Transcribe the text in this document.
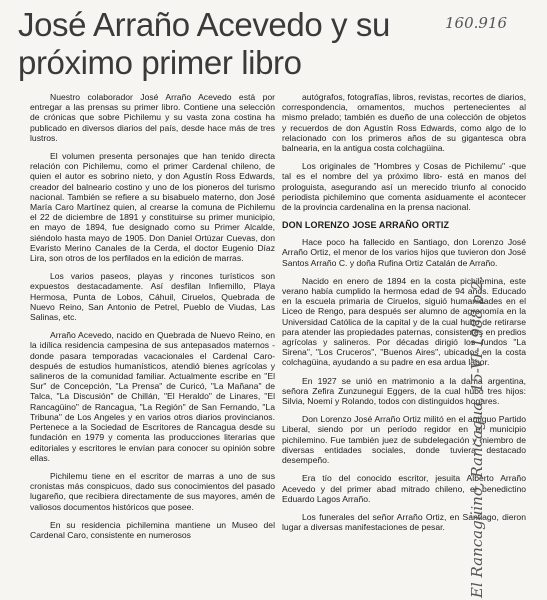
José Arraño Acevedo y su próximo primer libro
160.916

Nuestro colaborador José Arraño Acevedo está por entregar a las prensas su primer libro. Contiene una selección de crónicas que sobre Pichilemu y su vasta zona costina ha publicado en diversos diarios del país, desde hace más de tres lustros.

El volumen presenta personajes que han tenido directa relación con Pichilemu, como el primer Cardenal chileno, de quien el autor es sobrino nieto, y don Agustín Ross Edwards, creador del balneario costino y uno de los pioneros del turismo nacional. También se refiere a su bisabuelo materno, don José María Caro Martínez quien, al crearse la comuna de Pichilemu el 22 de diciembre de 1891 y constituirse su primer municipio, en mayo de 1894, fue designado como su Primer Alcalde, siéndolo hasta mayo de 1905. Don Daniel Ortúzar Cuevas, don Evaristo Merino Canales de la Cerda, el doctor Eugenio Díaz Lira, son otros de los perfilados en la edición de marras.

Los varios paseos, playas y rincones turísticos son expuestos destacadamente. Así desfilan Infiernillo, Playa Hermosa, Punta de Lobos, Cáhuil, Ciruelos, Quebrada de Nuevo Reino, San Antonio de Petrel, Pueblo de Viudas, Las Salinas, etc.

Arraño Acevedo, nacido en Quebrada de Nuevo Reino, en la idílica residencia campesina de sus antepasados maternos -donde pasara temporadas vacacionales el Cardenal Caro- después de estudios humanísticos, atendió bienes agrícolas y salineros de la comunidad familiar. Actualmente escribe en "El Sur" de Concepción, "La Prensa" de Curicó, "La Mañana" de Talca, "La Discusión" de Chillán, "El Heraldo" de Linares, "El Rancagüino" de Rancagua, "La Región" de San Fernando, "La Tribuna" de Los Angeles y en varios otros diarios provincianos. Pertenece a la Sociedad de Escritores de Rancagua desde su fundación en 1979 y comenta las producciones literarias que editoriales y escritores le envían para conocer su opinión sobre ellas.

Pichilemu tiene en el escritor de marras a uno de sus cronistas más conspicuos, dado sus conocimientos del pasado lugareño, que recibiera directamente de sus mayores, amén de valiosos documentos históricos que posee.

En su residencia pichilemina mantiene un Museo del Cardenal Caro, consistente en numerosos

autógrafos, fotografías, libros, revistas, recortes de diarios, correspondencia, ornamentos, muchos pertenecientes al mismo prelado; también es dueño de una colección de objetos y recuerdos de don Agustín Ross Edwards, como algo de lo relacionado con los primeros años de su gigantesca obra balnearia, en la antigua costa colchagüina.

Los originales de "Hombres y Cosas de Pichilemu" -que tal es el nombre del ya próximo libro- está en manos del prologuista, asegurando así un merecido triunfo al conocido periodista pichilemino que comenta asiduamente el acontecer de la provincia cardenalina en la prensa nacional.

DON LORENZO JOSE ARRAÑO ORTIZ

Hace poco ha fallecido en Santiago, don Lorenzo José Arraño Ortiz, el menor de los varios hijos que tuvieron don José Santos Arraño C. y doña Rufina Ortiz Catalán de Arraño.

Nacido en enero de 1894 en la costa pichilemina, este verano había cumplido la hermosa edad de 94 años. Educado en la escuela primaria de Ciruelos, siguió humanidades en el Liceo de Rengo, para después ser alumno de agronomía en la Universidad Católica de la capital y de la cual hubo de retirarse para atender las propiedades paternas, consistentes en predios agrícolas y salineros. Por décadas dirigió los fundos "La Sirena", "Los Cruceros", "Buenos Aires", ubicados en la costa colchagüina, ayudando a su padre en esa ardua labor.

En 1927 se unió en matrimonio a la dama argentina, señora Zefira Zunzunegui Eggers, de la cual hubo tres hijos: Silvia, Noemí y Rolando, todos con distinguidos hogares.

Don Lorenzo José Arraño Ortiz militó en el antiguo Partido Liberal, siendo por un período regidor en el municipio pichilemino. Fue también juez de subdelegación y miembro de diversas entidades sociales, donde tuviera destacado desempeño.

Era tío del conocido escritor, jesuita Alberto Arraño Acevedo y del primer abad mitrado chileno, el benedictino Eduardo Lagos Arraño.

Los funerales del señor Arraño Ortiz, en Santiago, dieron lugar a diversas manifestaciones de pesar.	El Rancagüino, Rancagua, 15-VI-1988 p.2.
